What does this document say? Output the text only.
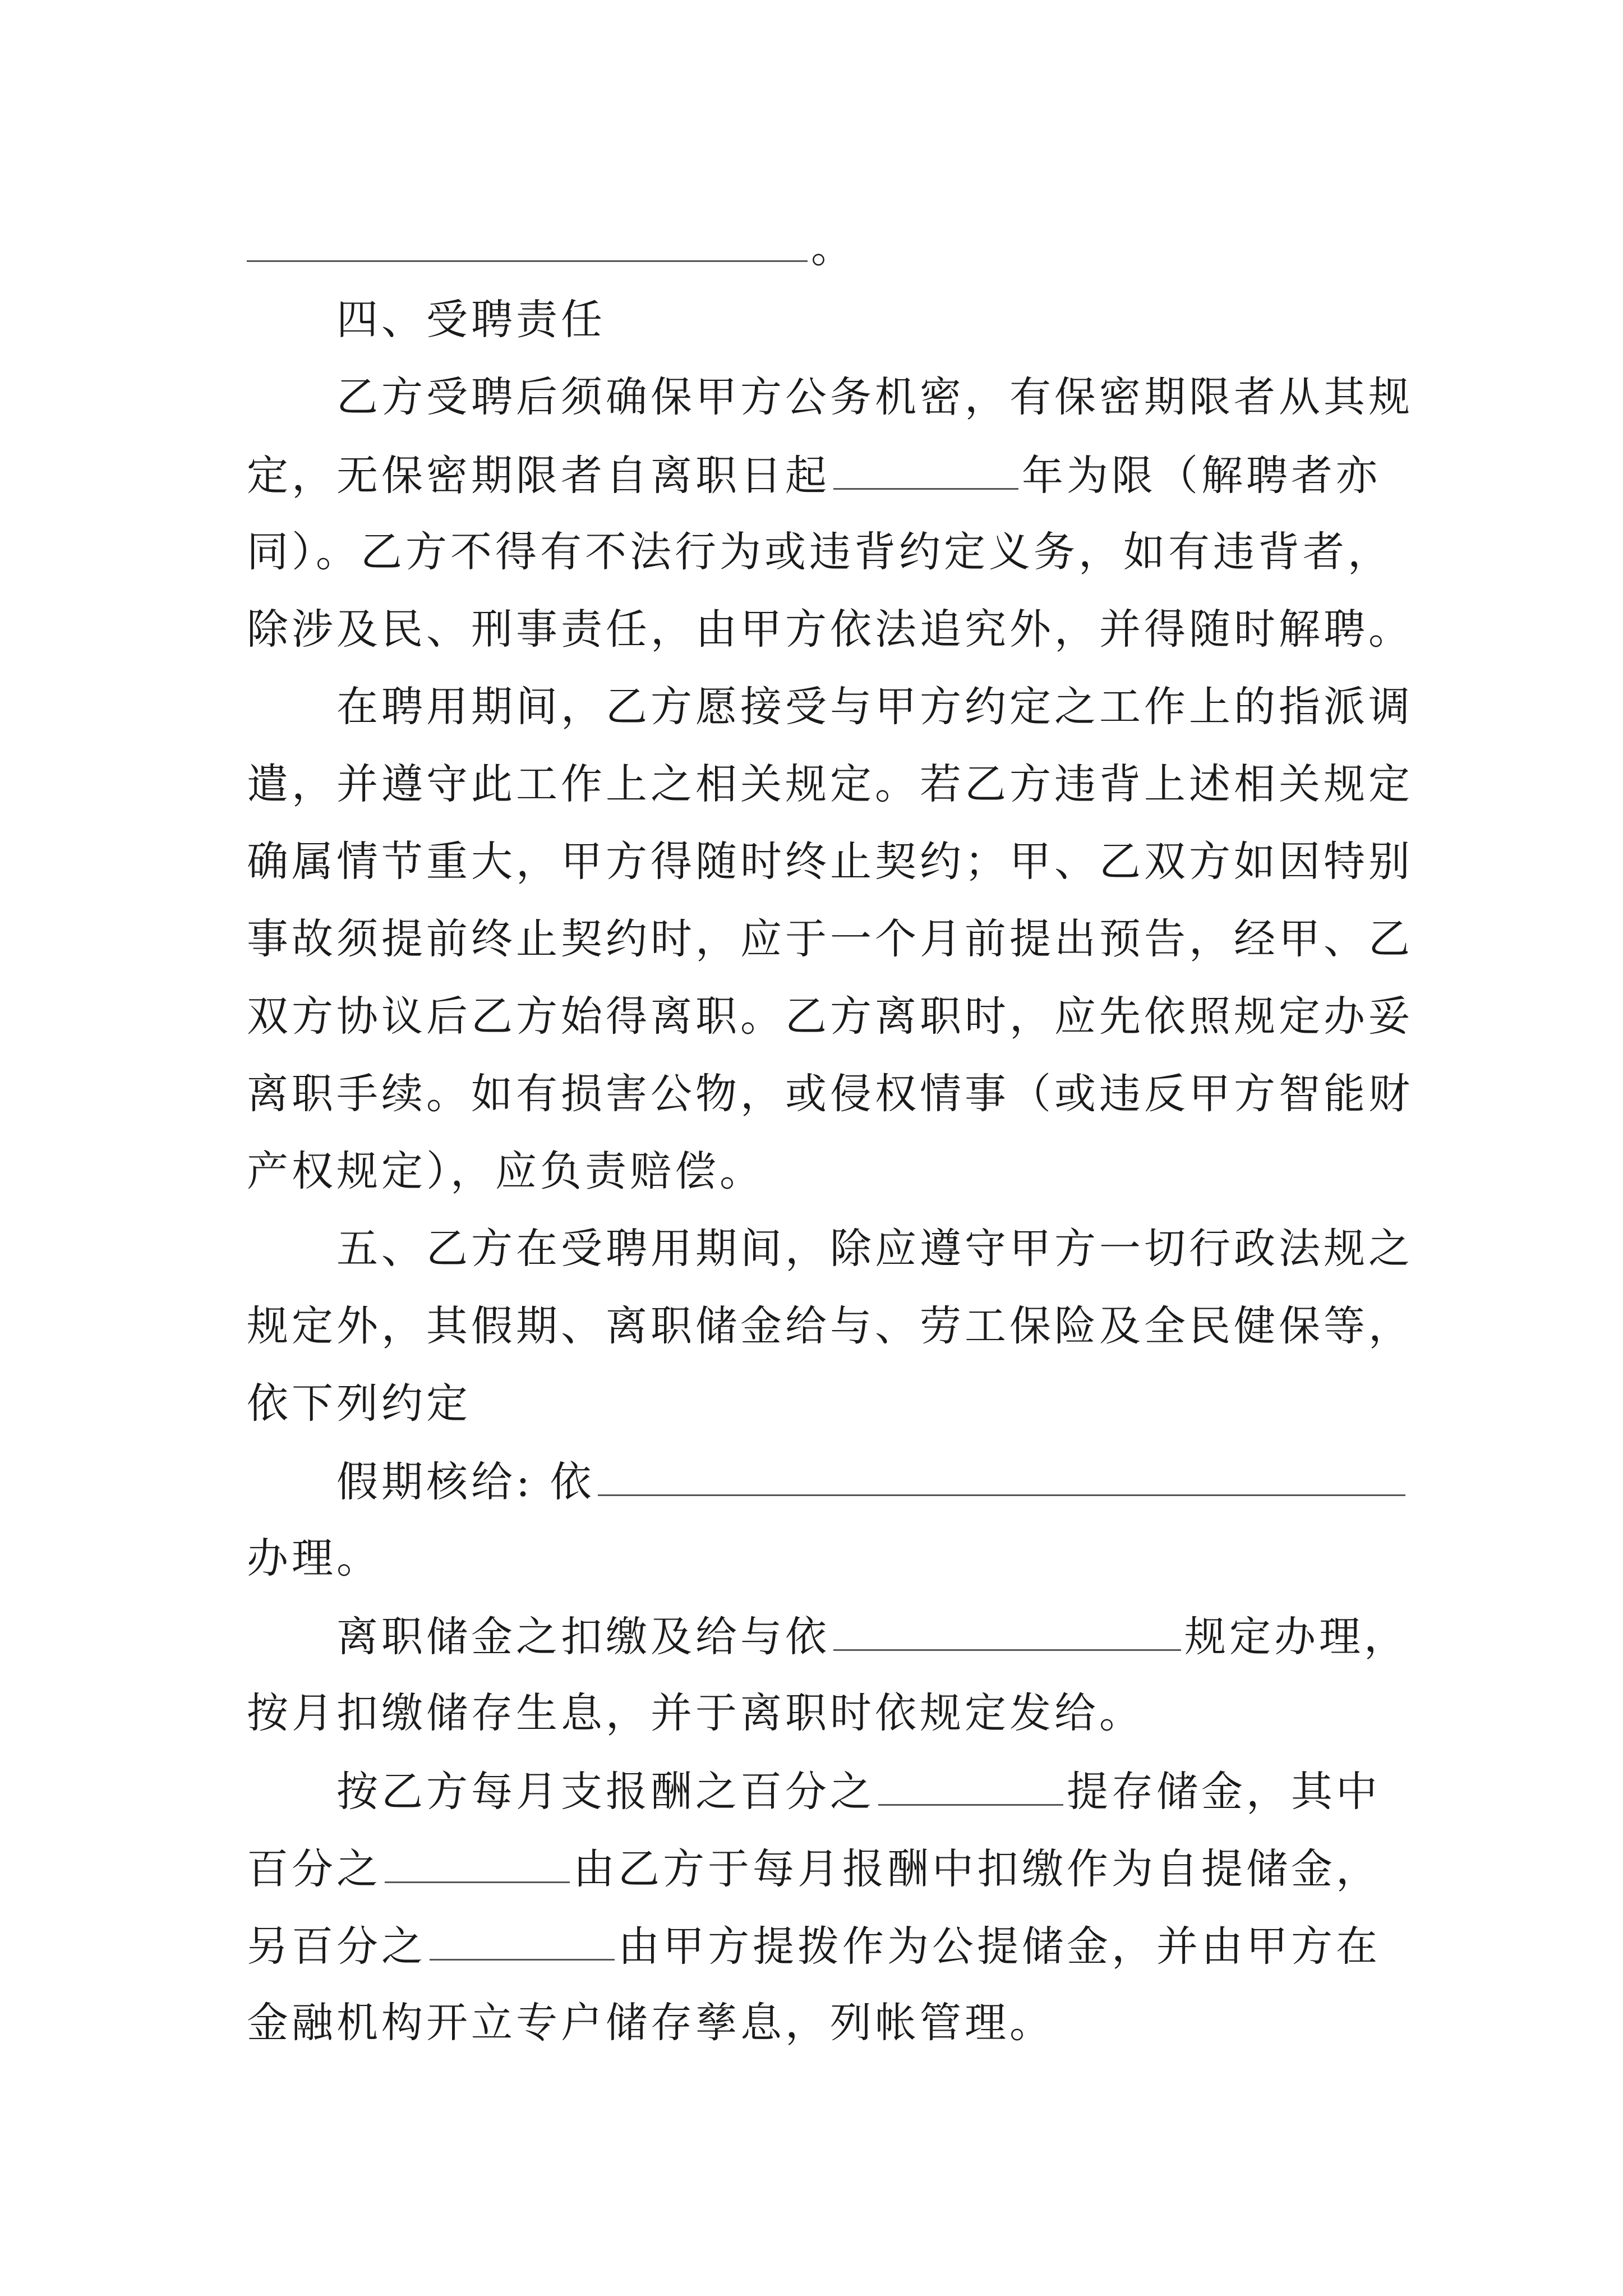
。
四、受聘责任
乙方受聘后须确保甲方公务机密，有保密期限者从其规
定，无保密期限者自离职日起	年为限（解聘者亦
同）。乙方不得有不法行为或违背约定义务，如有违背者，
除涉及民、刑事责任，由甲方依法追究外，并得随时解聘。
在聘用期间，乙方愿接受与甲方约定之工作上的指派调
遣，并遵守此工作上之相关规定。若乙方违背上述相关规定
确属情节重大，甲方得随时终止契约；甲、乙双方如因特别
事故须提前终止契约时，应于一个月前提出预告，经甲、乙
双方协议后乙方始得离职。乙方离职时，应先依照规定办妥
离职手续。如有损害公物，或侵权情事（或违反甲方智能财
产权规定），应负责赔偿。
五、乙方在受聘用期间，除应遵守甲方一切行政法规之
规定外，其假期、离职储金给与、劳工保险及全民健保等，
依下列约定
假期核给: 依
办理。
离职储金之扣缴及给与依	规定办理，
按月扣缴储存生息，并于离职时依规定发给。
按乙方每月支报酬之百分之	提存储金，其中
百分之	由乙方于每月报酬中扣缴作为自提储金，
另百分之	由甲方提拨作为公提储金，并由甲方在
金融机构开立专户储存孳息，列帐管理。
